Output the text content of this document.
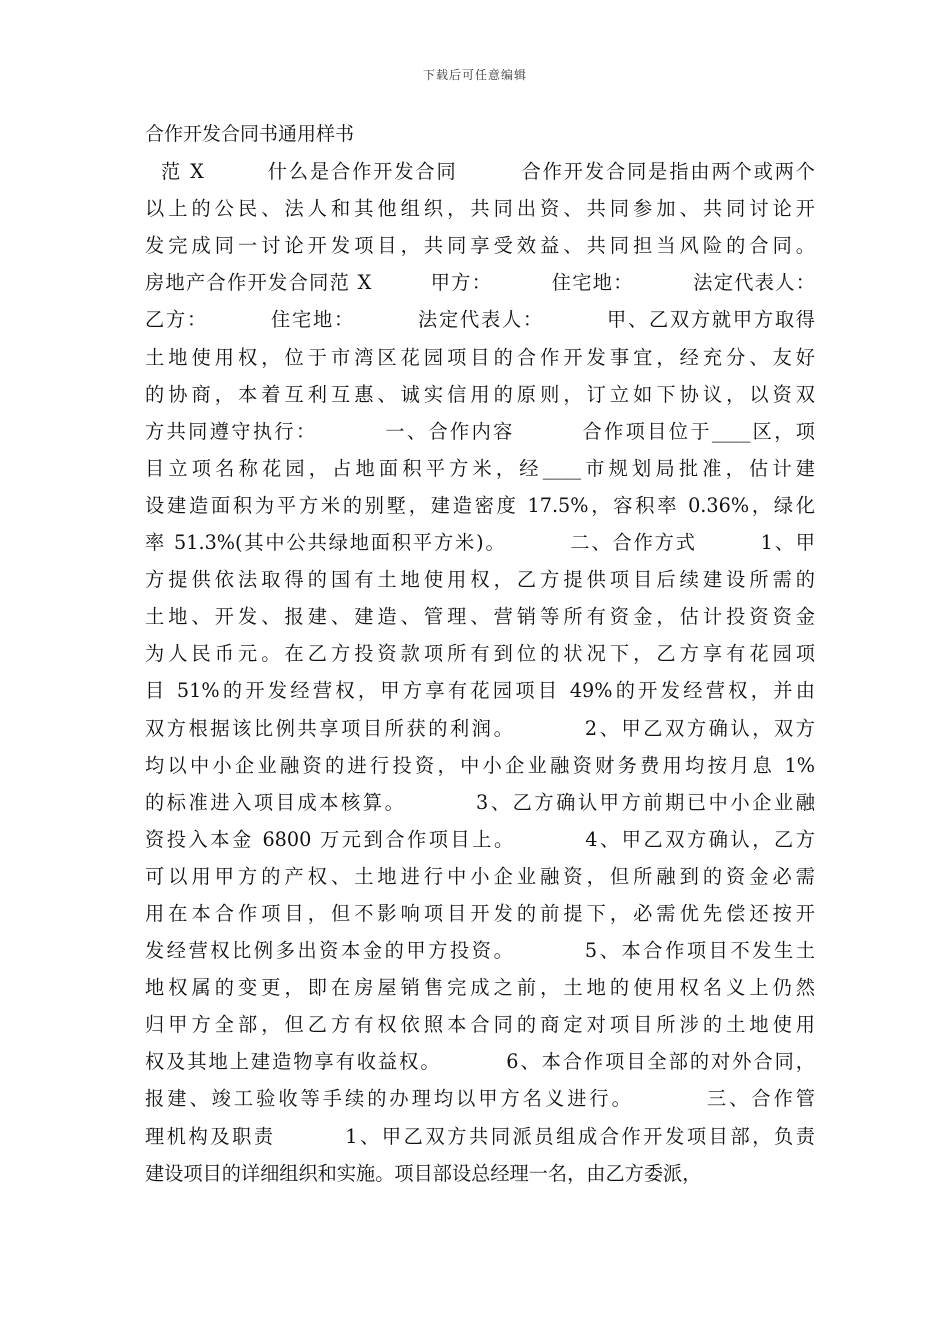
下载后可任意编辑
合作开发合同书通用样书
范 X        什么是合作开发合同        合作开发合同是指由两个或两个
以上的公民、法人和其他组织，共同出资、共同参加、共同讨论开
发完成同一讨论开发项目，共同享受效益、共同担当风险的合同。
房地产合作开发合同范 X        甲方：        住宅地：        法定代表人：
乙方：        住宅地：        法定代表人：        甲、乙双方就甲方取得
土地使用权，位于市湾区花园项目的合作开发事宜，经充分、友好
的协商，本着互利互惠、诚实信用的原则，订立如下协议，以资双
方共同遵守执行：        一、合作内容        合作项目位于____区，项
目立项名称花园，占地面积平方米，经____市规划局批准，估计建
设建造面积为平方米的别墅，建造密度 17.5%，容积率 0.36%，绿化
率 51.3%(其中公共绿地面积平方米)。        二、合作方式        1、甲
方提供依法取得的国有土地使用权，乙方提供项目后续建设所需的
土地、开发、报建、建造、管理、营销等所有资金，估计投资资金
为人民币元。在乙方投资款项所有到位的状况下，乙方享有花园项
目 51%的开发经营权，甲方享有花园项目 49%的开发经营权，并由
双方根据该比例共享项目所获的利润。        2、甲乙双方确认，双方
均以中小企业融资的进行投资，中小企业融资财务费用均按月息 1%
的标准进入项目成本核算。        3、乙方确认甲方前期已中小企业融
资投入本金 6800 万元到合作项目上。        4、甲乙双方确认，乙方
可以用甲方的产权、土地进行中小企业融资，但所融到的资金必需
用在本合作项目，但不影响项目开发的前提下，必需优先偿还按开
发经营权比例多出资本金的甲方投资。        5、本合作项目不发生土
地权属的变更，即在房屋销售完成之前，土地的使用权名义上仍然
归甲方全部，但乙方有权依照本合同的商定对项目所涉的土地使用
权及其地上建造物享有收益权。        6、本合作项目全部的对外合同，
报建、竣工验收等手续的办理均以甲方名义进行。        三、合作管
理机构及职责        1、甲乙双方共同派员组成合作开发项目部，负责
建设项目的详细组织和实施。项目部设总经理一名，由乙方委派，
